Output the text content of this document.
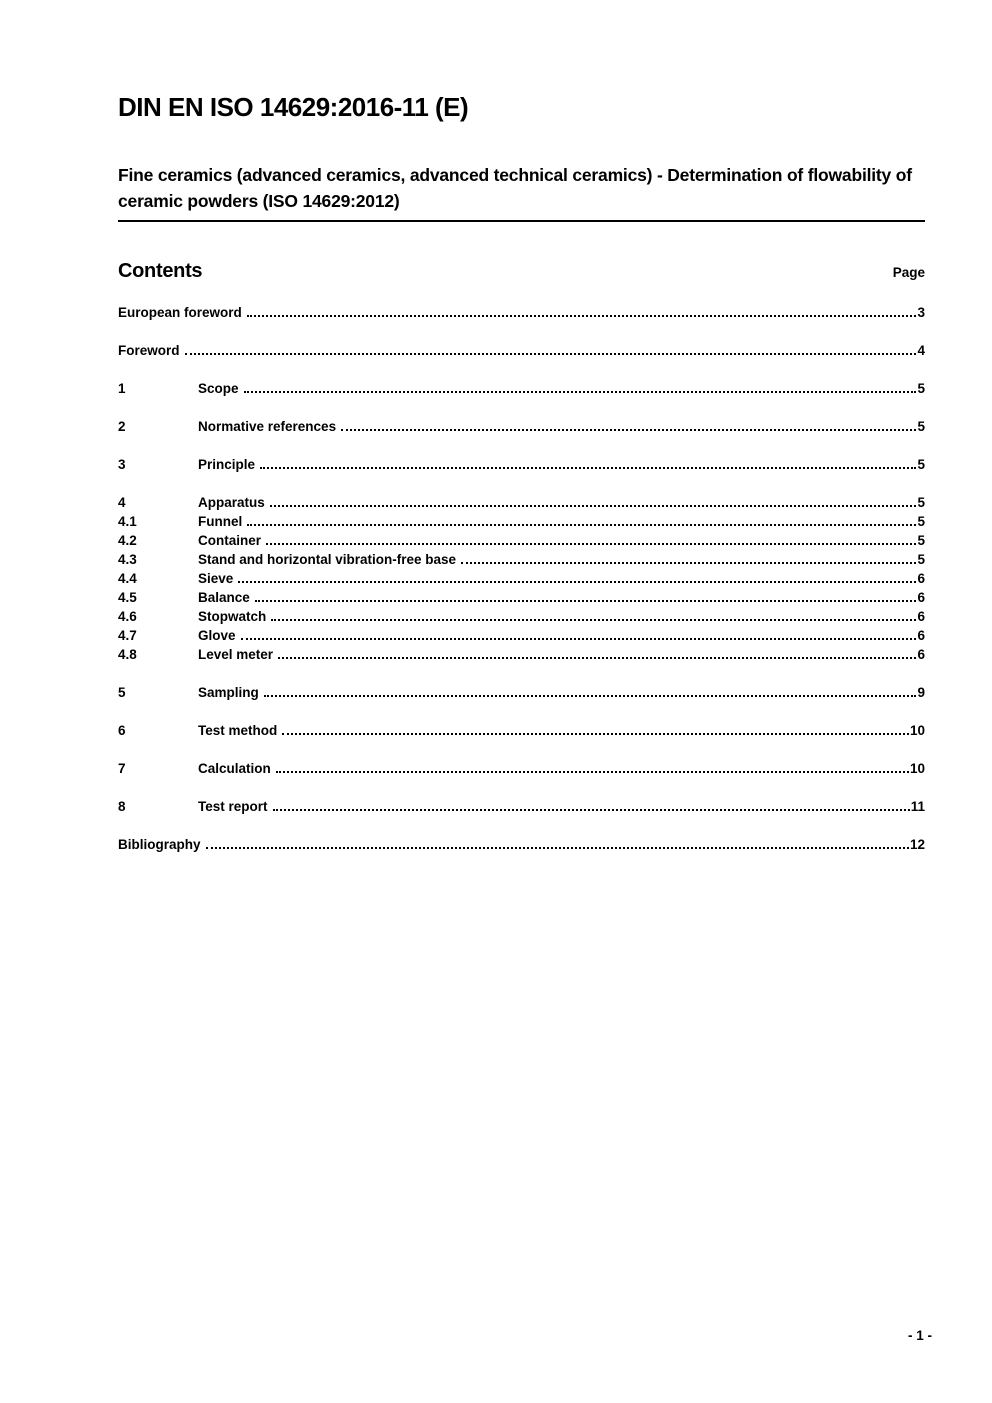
DIN EN ISO 14629:2016-11 (E)
Fine ceramics (advanced ceramics, advanced technical ceramics) - Determination of flowability of ceramic powders (ISO 14629:2012)
Contents	Page
European foreword	3
Foreword	4
1	Scope	5
2	Normative references	5
3	Principle	5
4	Apparatus	5
4.1	Funnel	5
4.2	Container	5
4.3	Stand and horizontal vibration-free base	5
4.4	Sieve	6
4.5	Balance	6
4.6	Stopwatch	6
4.7	Glove	6
4.8	Level meter	6
5	Sampling	9
6	Test method	10
7	Calculation	10
8	Test report	11
Bibliography	12
- 1 -
